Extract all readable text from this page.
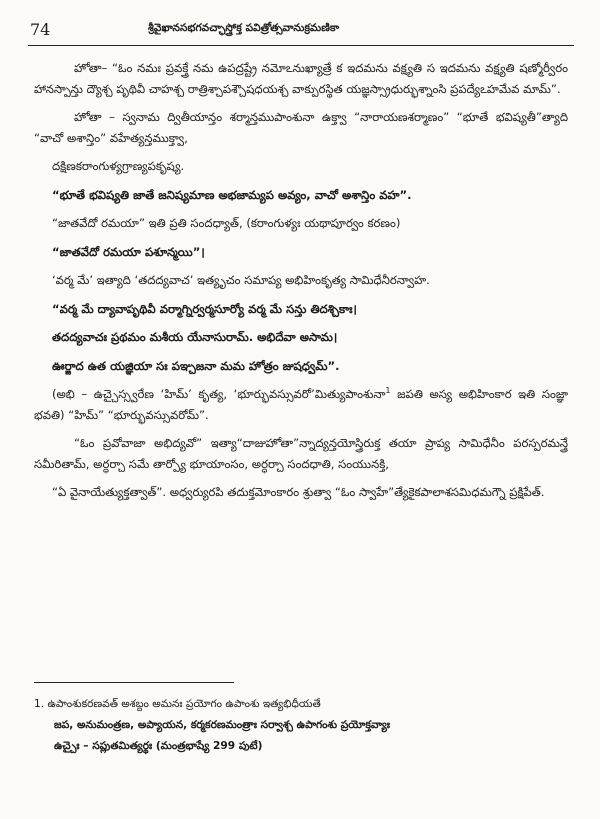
74	శ్రీవైఖానసభగవచ్ఛాస్త్రోక్త పవిత్రోత్సవానుక్రమణికా

హోతా– “ఓం నమః ప్రవక్త్రే నమ ఉపద్రష్ట్రే నమోఽనుఖ్యాత్రే క ఇదమను వక్ష్యతి స ఇదమను వక్ష్యతి షణ్మోర్వీరం హానస్పాన్తు ద్యౌశ్చ పృథివీ చాహశ్చ రాత్రిశ్చాపశ్చౌషధయశ్చ వాక్పురస్థిత యజ్ఞస్స్రాధుర్భుశ్నాంసి ప్రపద్యేఽహమేవ మామ్”.

హోతా – స్వనామ ద్వితీయాన్తం శర్మాన్తముపాంశునా ఉక్త్వా “నారాయణశర్మాణం” “భూతే భవిష్యతీ”త్యాది “వాచో అశాన్తిం” వహేత్యన్తముక్త్వా,

దక్షిణకరాంగుళ్యగ్రాణ్యపకృష్య.

“భూతే భవిష్యతి జాతే జనిష్యమాణ అభజామ్యప అవ్యం, వాచో అశాన్తిం వహ”.

“జాతవేదో రమయా” ఇతి ప్రతి సందధ్యాత్, (కరాంగుళ్యః యథాపూర్వం కరణం)

“జాతవేదో రమయా పశూన్మయి”।

‘వర్మ మే’ ఇత్యాది ‘తదద్యవాచ’ ఇత్యృచం సమాప్య అభిహింకృత్య సామిధేనీరన్వాహ.

“వర్మ మే ద్యావాపృథివీ వర్మాగ్నిర్వర్మసూర్యో వర్మ మే సన్తు తిదశ్చికాః।

తదద్యవాచః ప్రథమం మశీయ యేనాసురామ్. అభిదేవా అసామ।

ఊర్జాద ఉత యజ్ఞియా సః పఞ్చజనా మమ హోత్రం జుషధ్వమ్”.

(అభి – ఉచ్చైస్స్వరేణ ‘హిమ్’ కృత్య, ‘భూర్భువస్సువరో’మిత్యుపాంశునా$^1$ జపతి అస్య అభిహింకార ఇతి సంజ్ఞా భవతి) “హిమ్” “భూర్భువస్సువరోమ్”.

“ఓం ప్రవోవాజా అభిద్యవో” ఇత్యా“దాజుహోతా”న్నాద్యన్తయోస్త్రిరుక్త తయా ప్రాప్య సామిధేనీం పరస్పరమన్త్రే సమీరితామ్, అర్ధర్చా సమే తార్ప్యో భూయాంసం, అర్ధర్చా సందధాతి, సంయునక్తి,

“ఏ వైనాయేత్యుక్తత్వాత్”. అధ్వర్యురపి తదుక్తమోంకారం శ్రుత్వా “ఓం స్వాహే”త్యేకైకపాలాశసమిధమగ్నౌ ప్రక్షిపేత్.

1. ఉపాంశుకరణవత్ అశబ్దం అమనః ప్రయోగం ఉపాంశు ఇత్యభిధీయతే

జప, అనుమంత్రణ, అప్యాయన, కర్మకరణమంత్రాః సర్వాశ్చ ఉపాగంశు ప్రయోక్తవ్యాః

ఉచ్చైః – సప్లుతమిత్యర్థః (మంత్రభాష్యే 299 పుటే)
